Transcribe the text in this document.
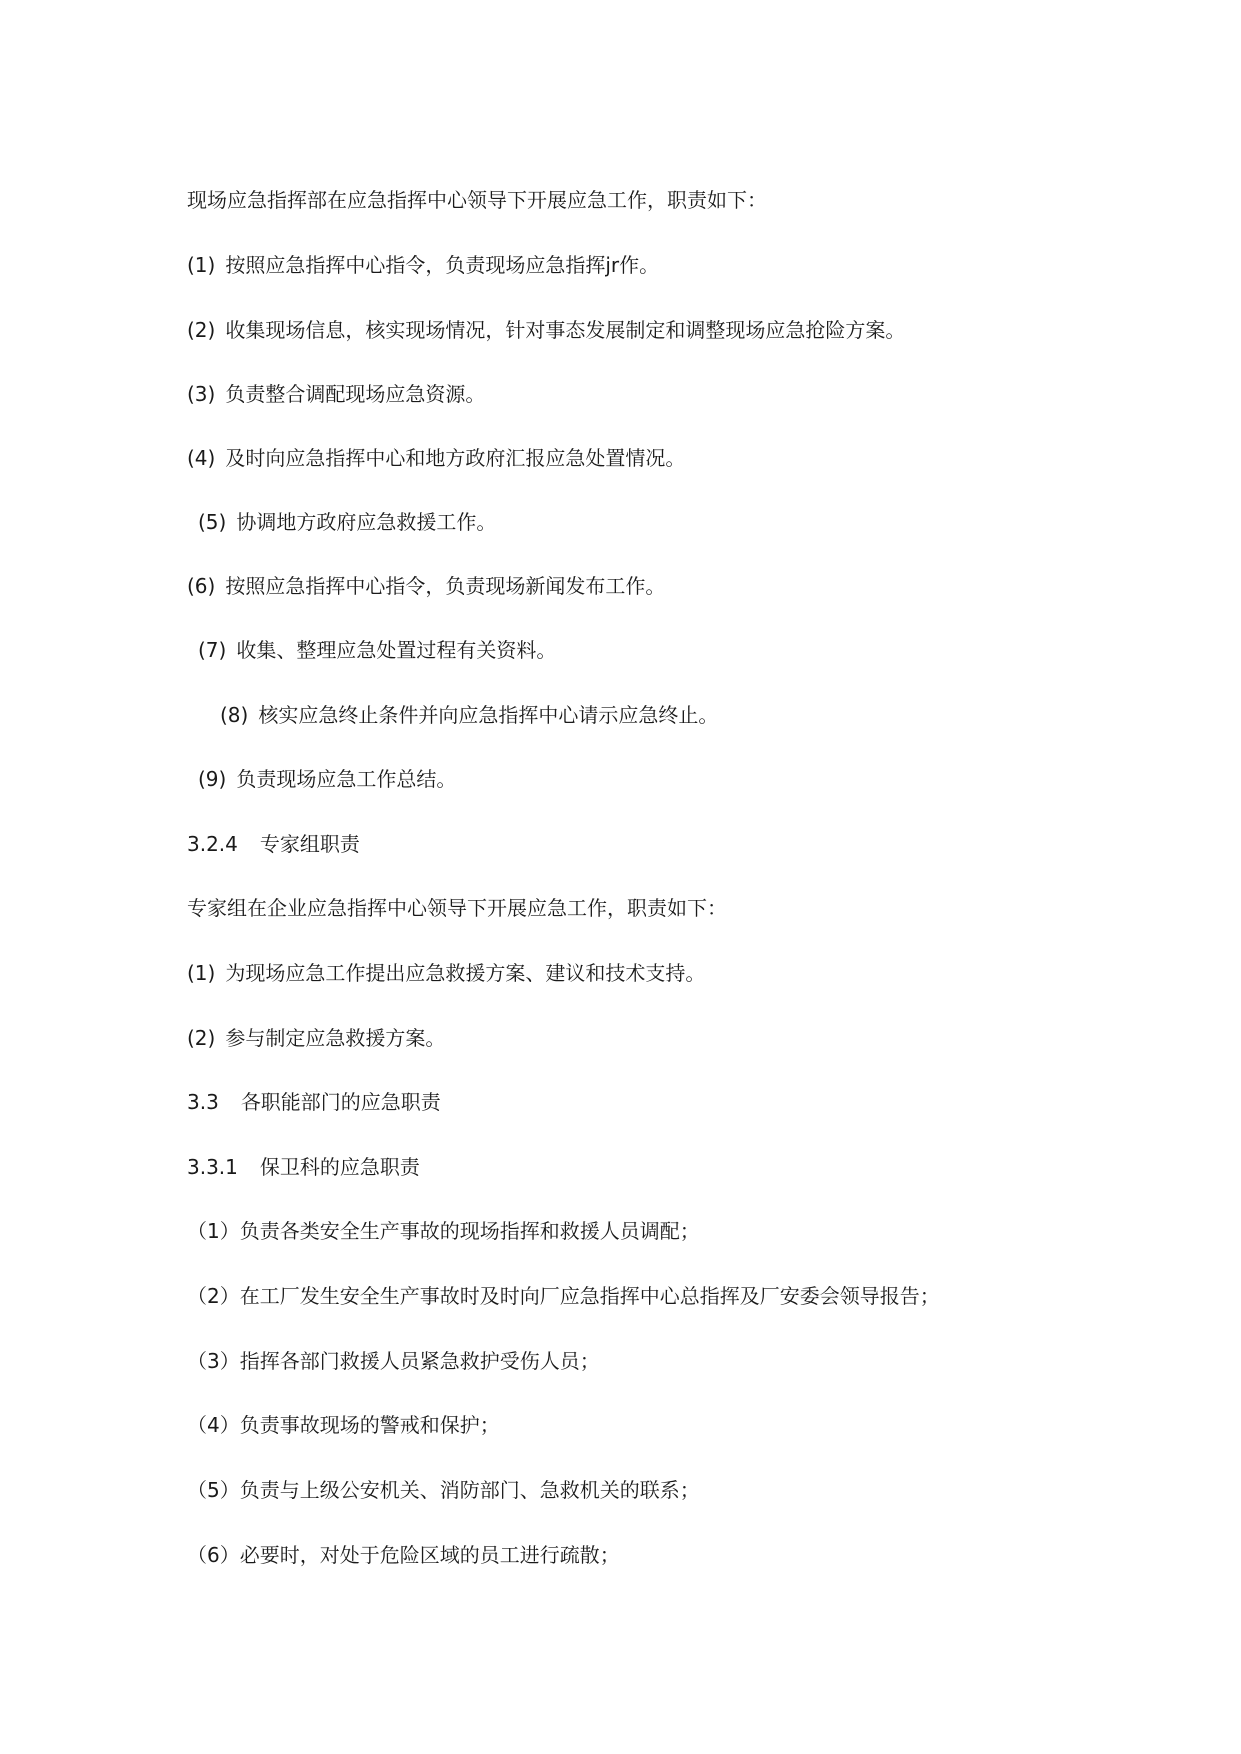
现场应急指挥部在应急指挥中心领导下开展应急工作，职责如下：
(1) 按照应急指挥中心指令，负责现场应急指挥jr作。
(2) 收集现场信息，核实现场情况，针对事态发展制定和调整现场应急抢险方案。
(3) 负责整合调配现场应急资源。
(4) 及时向应急指挥中心和地方政府汇报应急处置情况。
(5) 协调地方政府应急救援工作。
(6) 按照应急指挥中心指令，负责现场新闻发布工作。
(7) 收集、整理应急处置过程有关资料。
(8) 核实应急终止条件并向应急指挥中心请示应急终止。
(9) 负责现场应急工作总结。
3.2.4 专家组职责
专家组在企业应急指挥中心领导下开展应急工作，职责如下：
(1) 为现场应急工作提出应急救援方案、建议和技术支持。
(2) 参与制定应急救援方案。
3.3 各职能部门的应急职责
3.3.1 保卫科的应急职责
（1）负责各类安全生产事故的现场指挥和救援人员调配；
（2）在工厂发生安全生产事故时及时向厂应急指挥中心总指挥及厂安委会领导报告；
（3）指挥各部门救援人员紧急救护受伤人员；
（4）负责事故现场的警戒和保护；
（5）负责与上级公安机关、消防部门、急救机关的联系；
（6）必要时，对处于危险区域的员工进行疏散；
